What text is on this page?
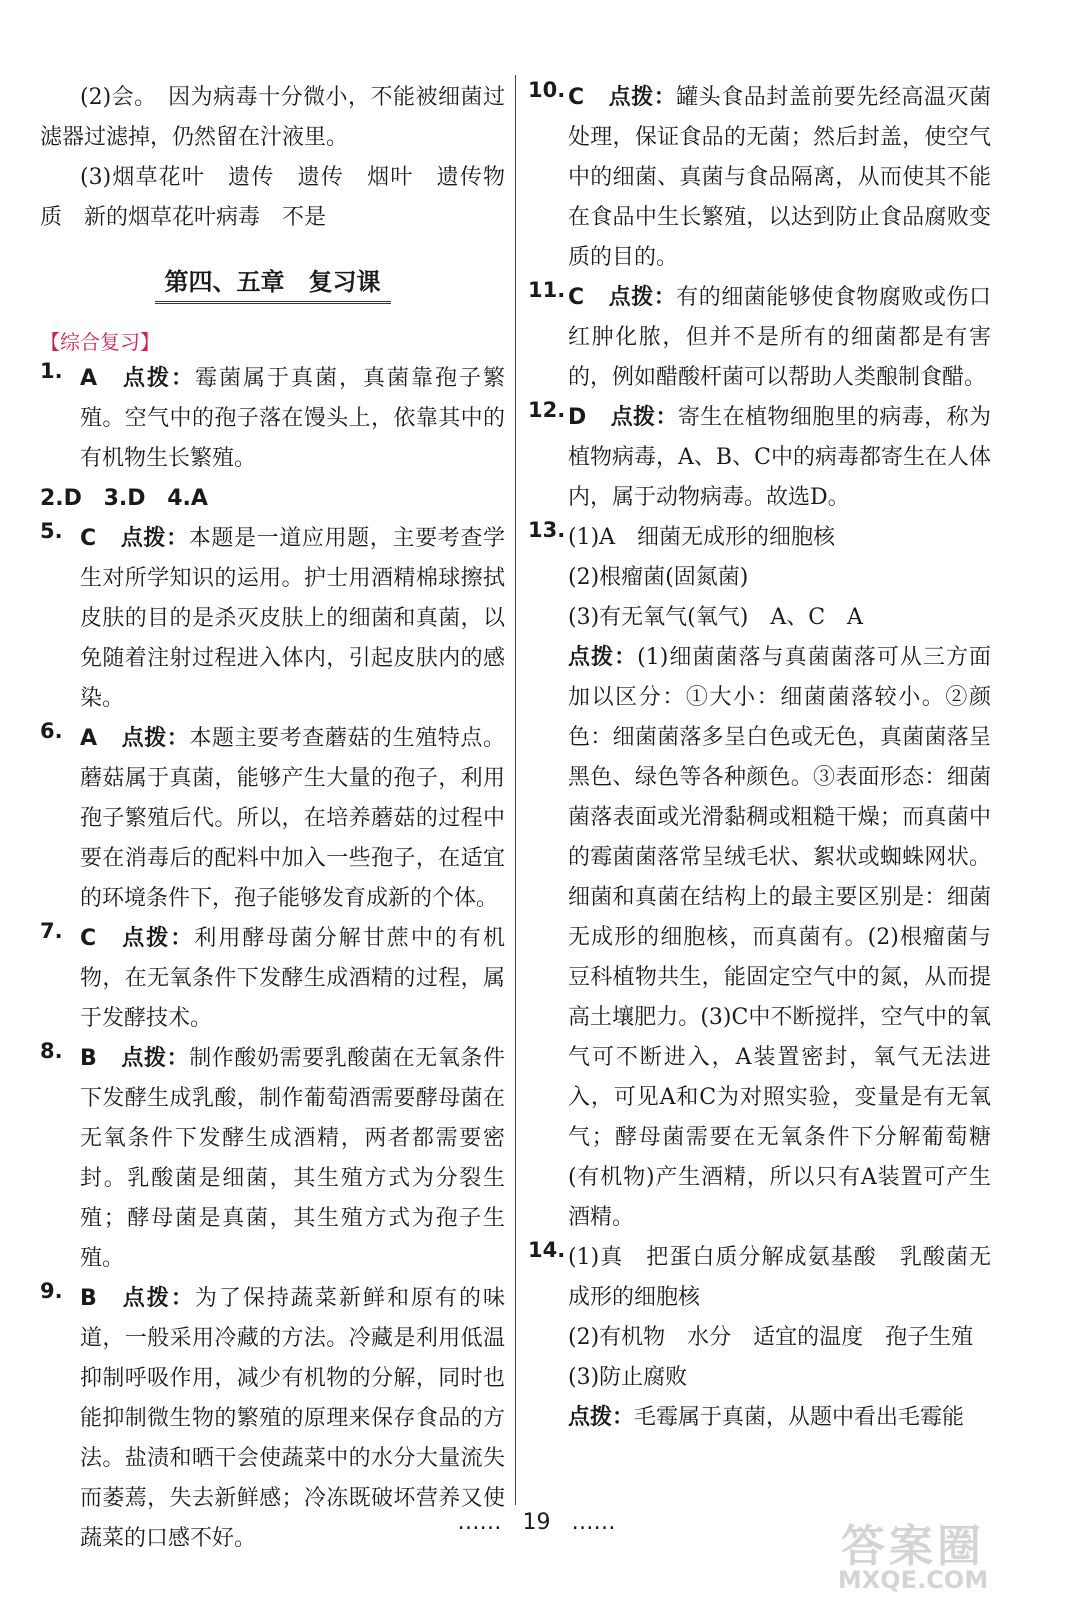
(2)会。　因为病毒十分微小，不能被细菌过滤器过滤掉，仍然留在汁液里。

(3)烟草花叶　遗传　遗传　烟叶　遗传物质　新的烟草花叶病毒　不是

第四、五章　复习课
【综合复习】
1. A 点拨：霉菌属于真菌，真菌靠孢子繁殖。空气中的孢子落在馒头上，依靠其中的有机物生长繁殖。

2.D 3.D 4.A

5. C 点拨：本题是一道应用题，主要考查学生对所学知识的运用。护士用酒精棉球擦拭皮肤的目的是杀灭皮肤上的细菌和真菌，以免随着注射过程进入体内，引起皮肤内的感染。

6. A 点拨：本题主要考查蘑菇的生殖特点。蘑菇属于真菌，能够产生大量的孢子，利用孢子繁殖后代。所以，在培养蘑菇的过程中要在消毒后的配料中加入一些孢子，在适宜的环境条件下，孢子能够发育成新的个体。

7. C 点拨：利用酵母菌分解甘蔗中的有机物，在无氧条件下发酵生成酒精的过程，属于发酵技术。

8. B 点拨：制作酸奶需要乳酸菌在无氧条件下发酵生成乳酸，制作葡萄酒需要酵母菌在无氧条件下发酵生成酒精，两者都需要密封。乳酸菌是细菌，其生殖方式为分裂生殖；酵母菌是真菌，其生殖方式为孢子生殖。

9. B 点拨：为了保持蔬菜新鲜和原有的味道，一般采用冷藏的方法。冷藏是利用低温抑制呼吸作用，减少有机物的分解，同时也能抑制微生物的繁殖的原理来保存食品的方法。盐渍和晒干会使蔬菜中的水分大量流失而萎蔫，失去新鲜感；冷冻既破坏营养又使蔬菜的口感不好。

10. C 点拨：罐头食品封盖前要先经高温灭菌处理，保证食品的无菌；然后封盖，使空气中的细菌、真菌与食品隔离，从而使其不能在食品中生长繁殖，以达到防止食品腐败变质的目的。

11. C 点拨：有的细菌能够使食物腐败或伤口红肿化脓，但并不是所有的细菌都是有害的，例如醋酸杆菌可以帮助人类酿制食醋。

12. D 点拨：寄生在植物细胞里的病毒，称为植物病毒，A、B、C中的病毒都寄生在人体内，属于动物病毒。故选D。

13. (1)A　细菌无成形的细胞核

(2)根瘤菌(固氮菌)

(3)有无氧气(氧气)　A、C　A

点拨：(1)细菌菌落与真菌菌落可从三方面加以区分：①大小：细菌菌落较小。②颜色：细菌菌落多呈白色或无色，真菌菌落呈黑色、绿色等各种颜色。③表面形态：细菌菌落表面或光滑黏稠或粗糙干燥；而真菌中的霉菌菌落常呈绒毛状、絮状或蜘蛛网状。细菌和真菌在结构上的最主要区别是：细菌无成形的细胞核，而真菌有。(2)根瘤菌与豆科植物共生，能固定空气中的氮，从而提高土壤肥力。(3)C中不断搅拌，空气中的氧气可不断进入，A装置密封，氧气无法进入，可见A和C为对照实验，变量是有无氧气；酵母菌需要在无氧条件下分解葡萄糖(有机物)产生酒精，所以只有A装置可产生酒精。

14. (1)真　把蛋白质分解成氨基酸　乳酸菌无成形的细胞核

(2)有机物　水分　适宜的温度　孢子生殖

(3)防止腐败

点拨：毛霉属于真菌，从题中看出毛霉能

…… 19 ……	答案圈
MXQE.COM
